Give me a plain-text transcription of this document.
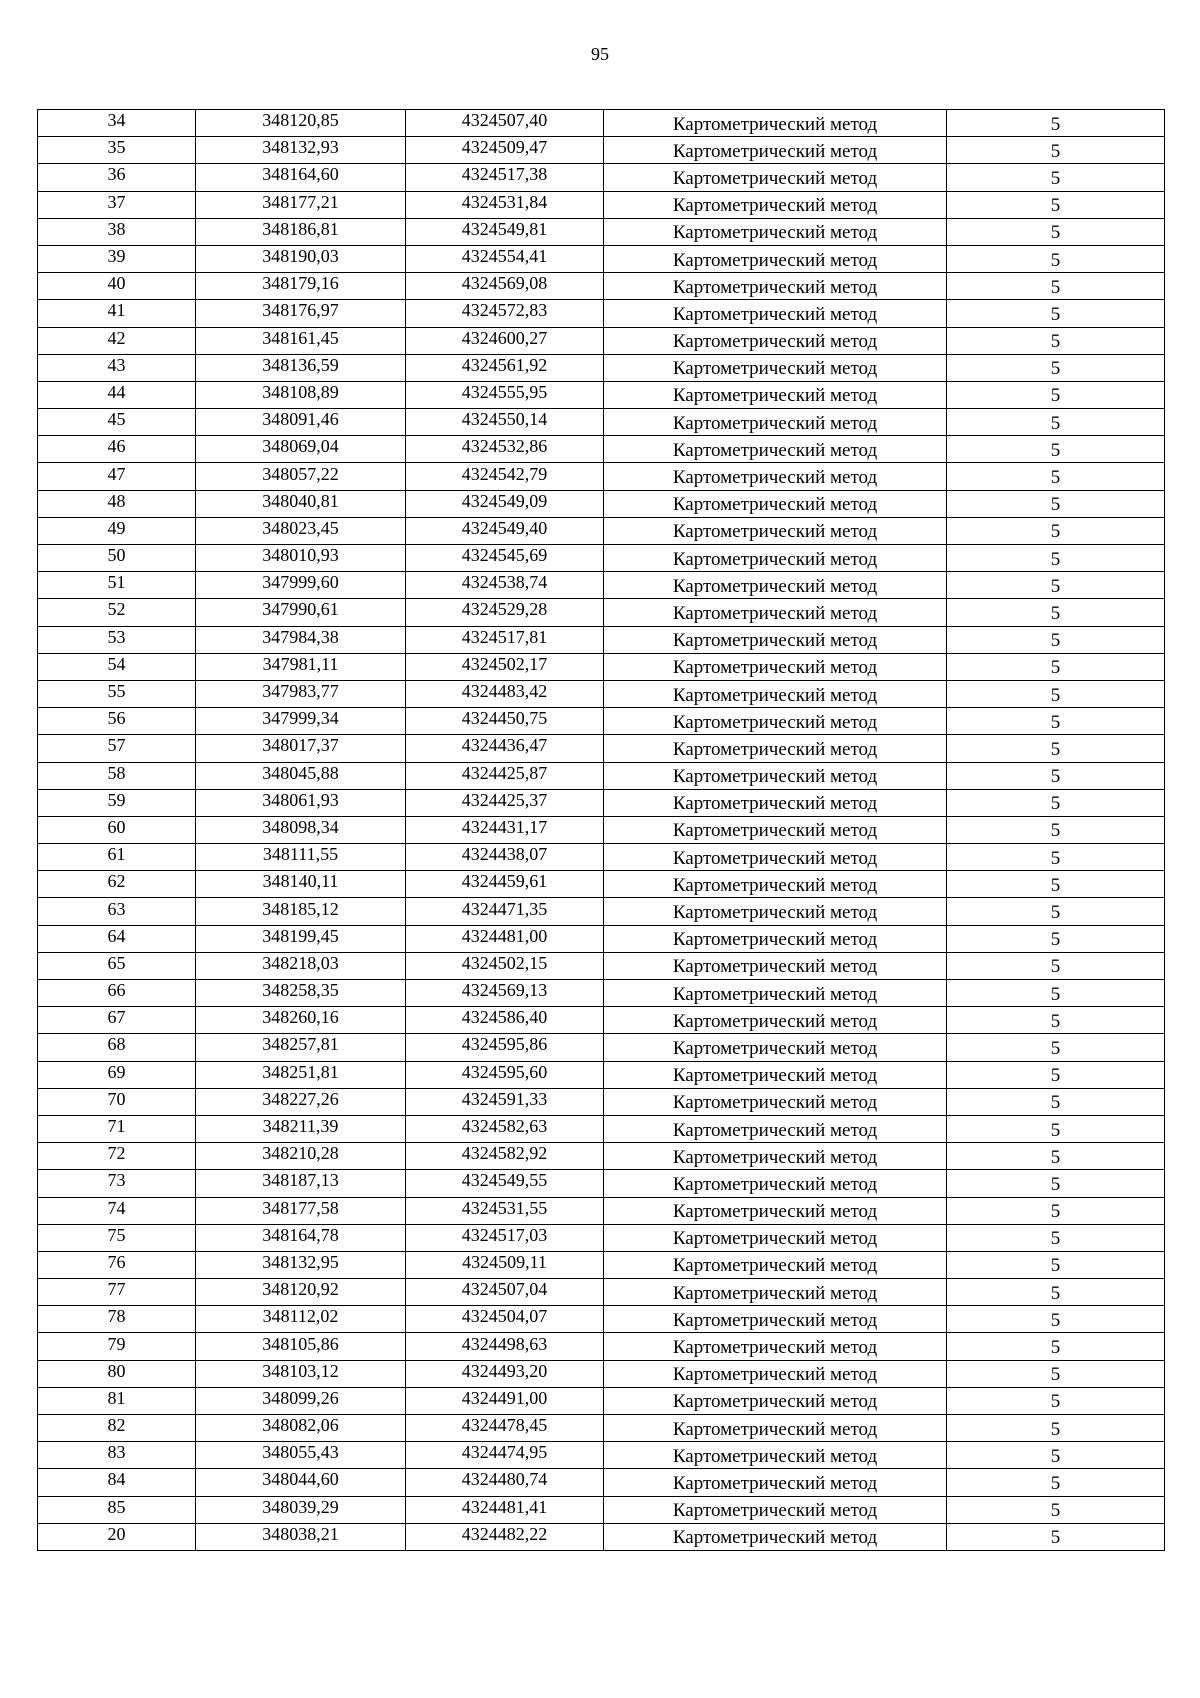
95
34	348120,85	4324507,40	Картометрический метод	5
35	348132,93	4324509,47	Картометрический метод	5
36	348164,60	4324517,38	Картометрический метод	5
37	348177,21	4324531,84	Картометрический метод	5
38	348186,81	4324549,81	Картометрический метод	5
39	348190,03	4324554,41	Картометрический метод	5
40	348179,16	4324569,08	Картометрический метод	5
41	348176,97	4324572,83	Картометрический метод	5
42	348161,45	4324600,27	Картометрический метод	5
43	348136,59	4324561,92	Картометрический метод	5
44	348108,89	4324555,95	Картометрический метод	5
45	348091,46	4324550,14	Картометрический метод	5
46	348069,04	4324532,86	Картометрический метод	5
47	348057,22	4324542,79	Картометрический метод	5
48	348040,81	4324549,09	Картометрический метод	5
49	348023,45	4324549,40	Картометрический метод	5
50	348010,93	4324545,69	Картометрический метод	5
51	347999,60	4324538,74	Картометрический метод	5
52	347990,61	4324529,28	Картометрический метод	5
53	347984,38	4324517,81	Картометрический метод	5
54	347981,11	4324502,17	Картометрический метод	5
55	347983,77	4324483,42	Картометрический метод	5
56	347999,34	4324450,75	Картометрический метод	5
57	348017,37	4324436,47	Картометрический метод	5
58	348045,88	4324425,87	Картометрический метод	5
59	348061,93	4324425,37	Картометрический метод	5
60	348098,34	4324431,17	Картометрический метод	5
61	348111,55	4324438,07	Картометрический метод	5
62	348140,11	4324459,61	Картометрический метод	5
63	348185,12	4324471,35	Картометрический метод	5
64	348199,45	4324481,00	Картометрический метод	5
65	348218,03	4324502,15	Картометрический метод	5
66	348258,35	4324569,13	Картометрический метод	5
67	348260,16	4324586,40	Картометрический метод	5
68	348257,81	4324595,86	Картометрический метод	5
69	348251,81	4324595,60	Картометрический метод	5
70	348227,26	4324591,33	Картометрический метод	5
71	348211,39	4324582,63	Картометрический метод	5
72	348210,28	4324582,92	Картометрический метод	5
73	348187,13	4324549,55	Картометрический метод	5
74	348177,58	4324531,55	Картометрический метод	5
75	348164,78	4324517,03	Картометрический метод	5
76	348132,95	4324509,11	Картометрический метод	5
77	348120,92	4324507,04	Картометрический метод	5
78	348112,02	4324504,07	Картометрический метод	5
79	348105,86	4324498,63	Картометрический метод	5
80	348103,12	4324493,20	Картометрический метод	5
81	348099,26	4324491,00	Картометрический метод	5
82	348082,06	4324478,45	Картометрический метод	5
83	348055,43	4324474,95	Картометрический метод	5
84	348044,60	4324480,74	Картометрический метод	5
85	348039,29	4324481,41	Картометрический метод	5
20	348038,21	4324482,22	Картометрический метод	5
